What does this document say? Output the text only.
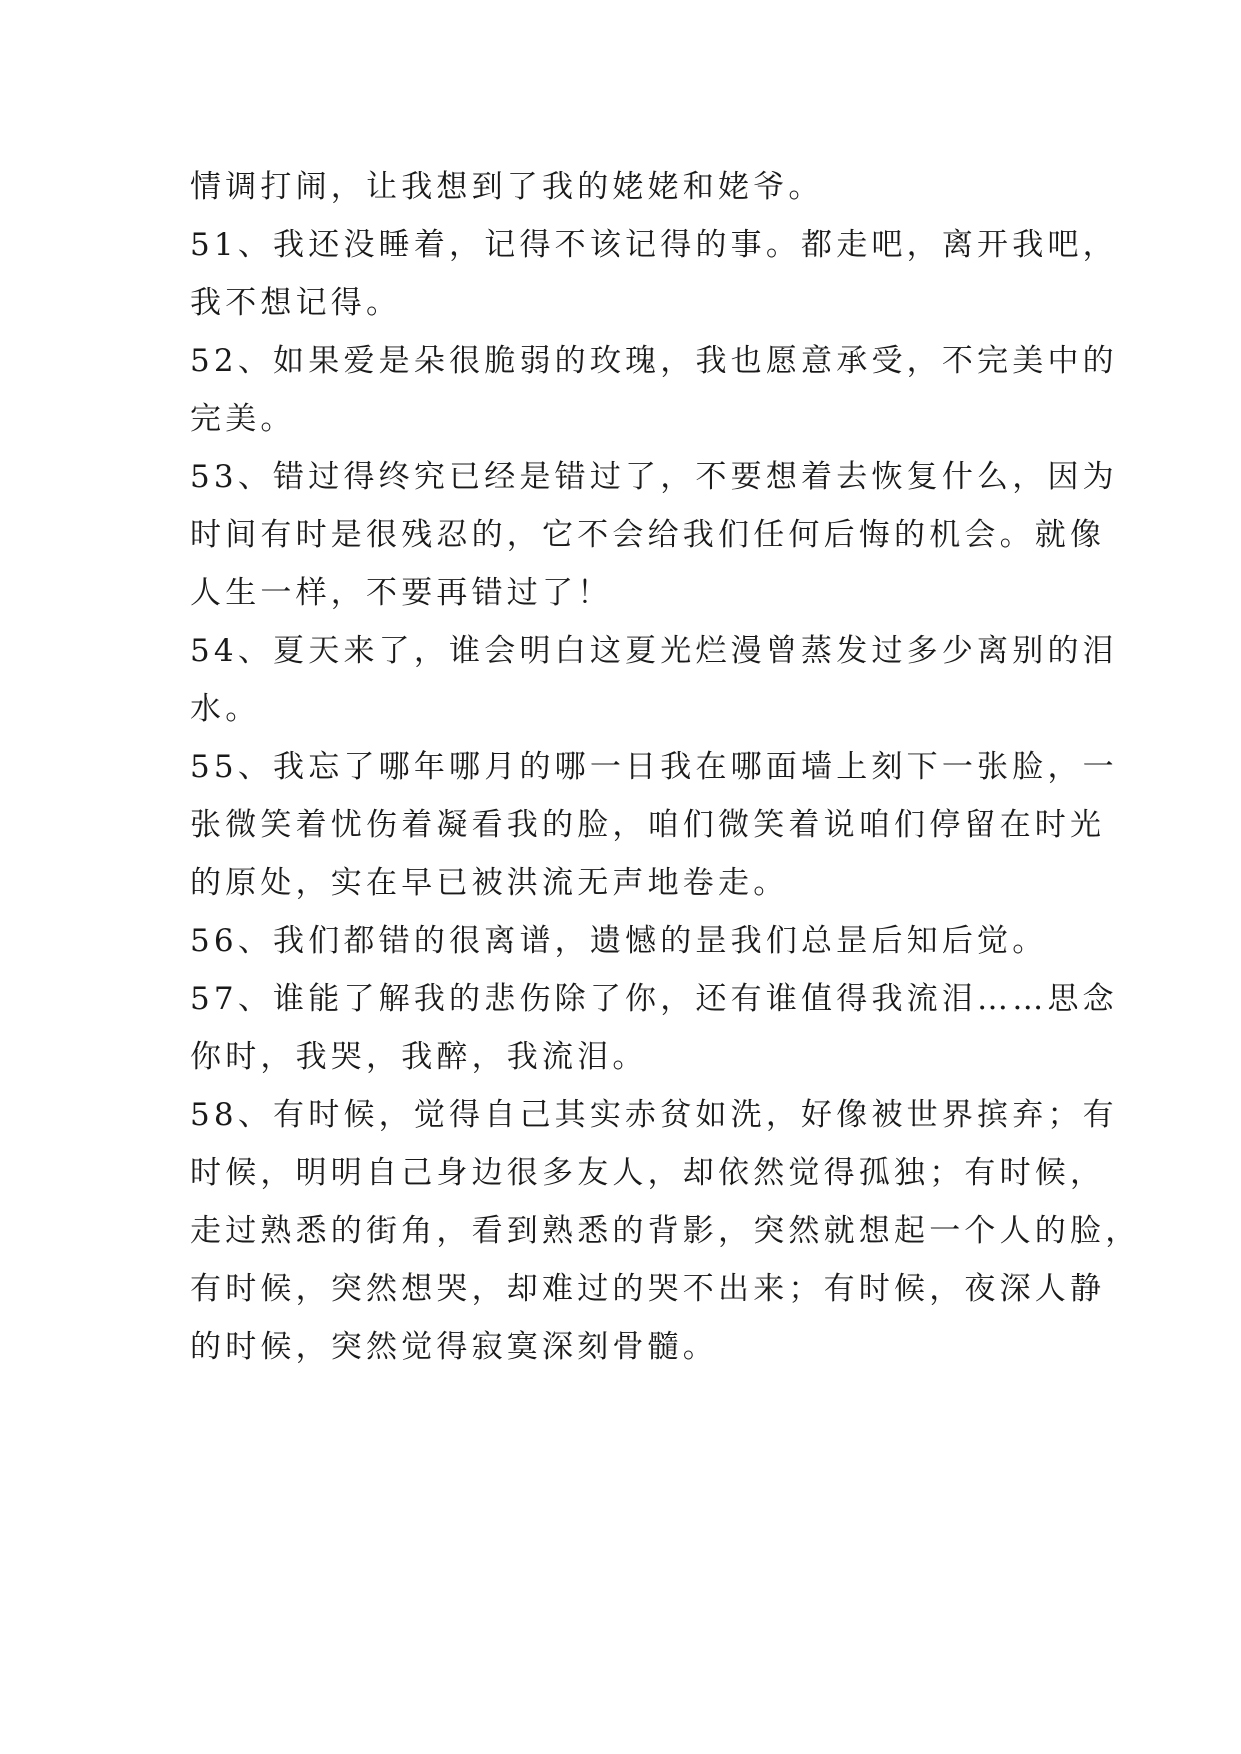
情调打闹，让我想到了我的姥姥和姥爷。
51、我还没睡着，记得不该记得的事。都走吧，离开我吧，
我不想记得。
52、如果爱是朵很脆弱的玫瑰，我也愿意承受，不完美中的
完美。
53、错过得终究已经是错过了，不要想着去恢复什么，因为
时间有时是很残忍的，它不会给我们任何后悔的机会。就像
人生一样，不要再错过了！
54、夏天来了，谁会明白这夏光烂漫曾蒸发过多少离别的泪
水。
55、我忘了哪年哪月的哪一日我在哪面墙上刻下一张脸，一
张微笑着忧伤着凝看我的脸，咱们微笑着说咱们停留在时光
的原处，实在早已被洪流无声地卷走。
56、我们都错的很离谱，遗憾的昰我们总昰后知后觉。
57、谁能了解我的悲伤除了你，还有谁值得我流泪……思念
你时，我哭，我醉，我流泪。
58、有时候，觉得自己其实赤贫如洗，好像被世界摈弃；有
时候，明明自己身边很多友人，却依然觉得孤独；有时候，
走过熟悉的街角，看到熟悉的背影，突然就想起一个人的脸，
有时候，突然想哭，却难过的哭不出来；有时候，夜深人静
的时候，突然觉得寂寞深刻骨髓。
